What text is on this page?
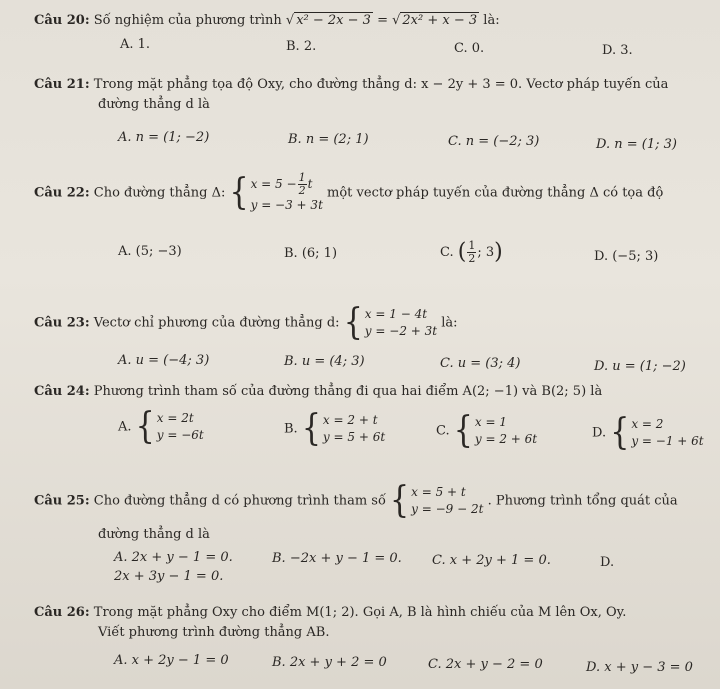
Câu 20: Số nghiệm của phương trình √ x² − 2x − 3 = √ 2x² + x − 3 là:
A. 1.	B. 2.	C. 0.	D. 3.
Câu 21: Trong mặt phẳng tọa độ Oxy, cho đường thẳng d: x − 2y + 3 = 0. Vectơ pháp tuyến của
đường thẳng d là
A. n = (1; −2)	B. n = (2; 1)	C. n = (−2; 3)	D. n = (1; 3)
Câu 22: Cho đường thẳng Δ: { $x = 5 - \frac{1}{2}$ t
y = −3 + 3t
một vectơ pháp tuyến của đường thẳng Δ có tọa độ
A. (5; −3)	B. (6; 1)	C. ( $\frac{1}{2}$ ; 3)	D. (−5; 3)
Câu 23: Vectơ chỉ phương của đường thẳng d: { x = 1 − 4t
y = −2 + 3t
là:
A. u = (−4; 3)	B. u = (4; 3)	C. u = (3; 4)	D. u = (1; −2)
Câu 24: Phương trình tham số của đường thẳng đi qua hai điểm A(2; −1) và B(2; 5) là
A. { x = 2t
y = −6t	B. { x = 2 + t
y = 5 + 6t	C. { x = 1
y = 2 + 6t	D. { x = 2
y = −1 + 6t
Câu 25: Cho đường thẳng d có phương trình tham số { x = 5 + t
y = −9 − 2t
. Phương trình tổng quát của
đường thẳng d là
A. 2x + y − 1 = 0.	B. −2x + y − 1 = 0. C. x + 2y + 1 = 0.	D.
2x + 3y − 1 = 0.
Câu 26: Trong mặt phẳng Oxy cho điểm M(1; 2). Gọi A, B là hình chiếu của M lên Ox, Oy.
Viết phương trình đường thẳng AB.
A. x + 2y − 1 = 0	B. 2x + y + 2 = 0	C. 2x + y − 2 = 0	D. x + y − 3 = 0
